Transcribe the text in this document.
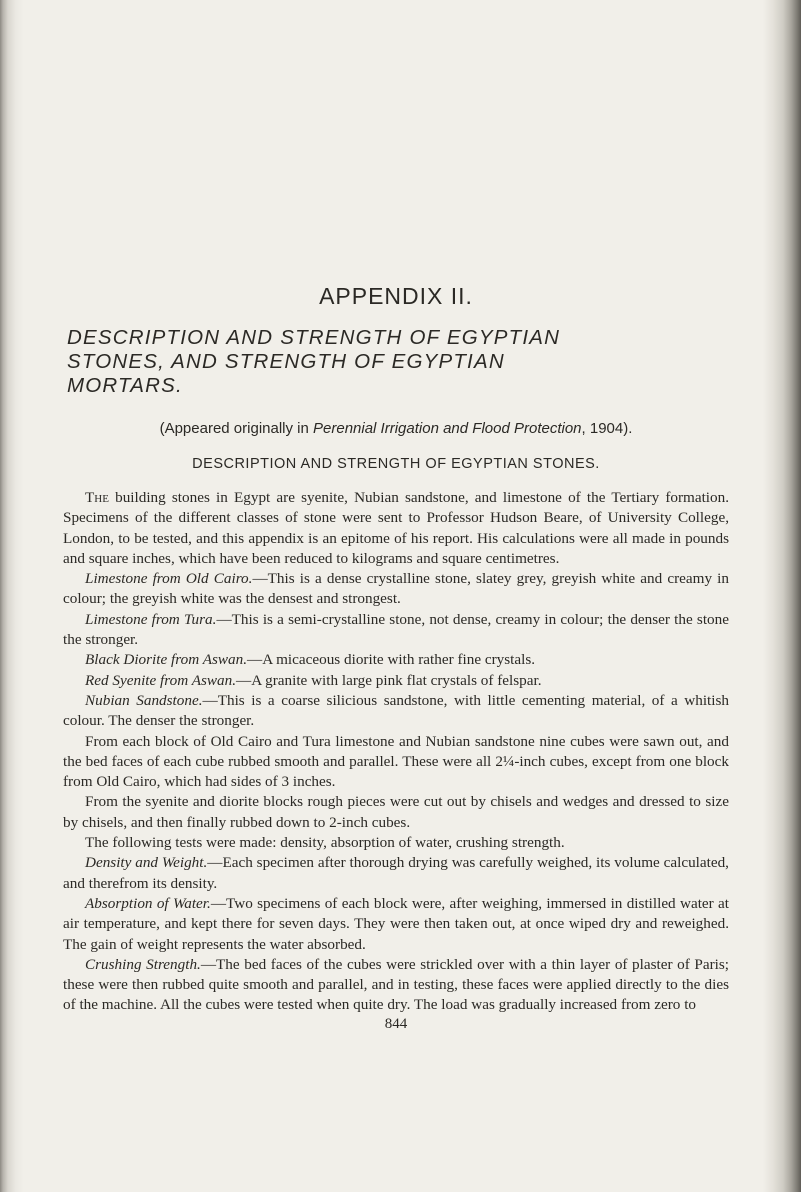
APPENDIX II.
DESCRIPTION AND STRENGTH OF EGYPTIAN
STONES, AND STRENGTH OF EGYPTIAN
MORTARS.
(Appeared originally in Perennial Irrigation and Flood Protection, 1904).
DESCRIPTION AND STRENGTH OF EGYPTIAN STONES.

The building stones in Egypt are syenite, Nubian sandstone, and limestone of the Tertiary formation. Specimens of the different classes of stone were sent to Professor Hudson Beare, of University College, London, to be tested, and this appendix is an epitome of his report. His calculations were all made in pounds and square inches, which have been reduced to kilograms and square centimetres.

Limestone from Old Cairo.—This is a dense crystalline stone, slatey grey, greyish white and creamy in colour; the greyish white was the densest and strongest.

Limestone from Tura.—This is a semi-crystalline stone, not dense, creamy in colour; the denser the stone the stronger.

Black Diorite from Aswan.—A micaceous diorite with rather fine crystals.

Red Syenite from Aswan.—A granite with large pink flat crystals of felspar.

Nubian Sandstone.—This is a coarse silicious sandstone, with little cementing material, of a whitish colour. The denser the stronger.

From each block of Old Cairo and Tura limestone and Nubian sandstone nine cubes were sawn out, and the bed faces of each cube rubbed smooth and parallel. These were all 2¼-inch cubes, except from one block from Old Cairo, which had sides of 3 inches.

From the syenite and diorite blocks rough pieces were cut out by chisels and wedges and dressed to size by chisels, and then finally rubbed down to 2-inch cubes.

The following tests were made: density, absorption of water, crushing strength.

Density and Weight.—Each specimen after thorough drying was carefully weighed, its volume calculated, and therefrom its density.

Absorption of Water.—Two specimens of each block were, after weighing, immersed in distilled water at air temperature, and kept there for seven days. They were then taken out, at once wiped dry and reweighed. The gain of weight represents the water absorbed.

Crushing Strength.—The bed faces of the cubes were strickled over with a thin layer of plaster of Paris; these were then rubbed quite smooth and parallel, and in testing, these faces were applied directly to the dies of the machine. All the cubes were tested when quite dry. The load was gradually increased from zero to

844
